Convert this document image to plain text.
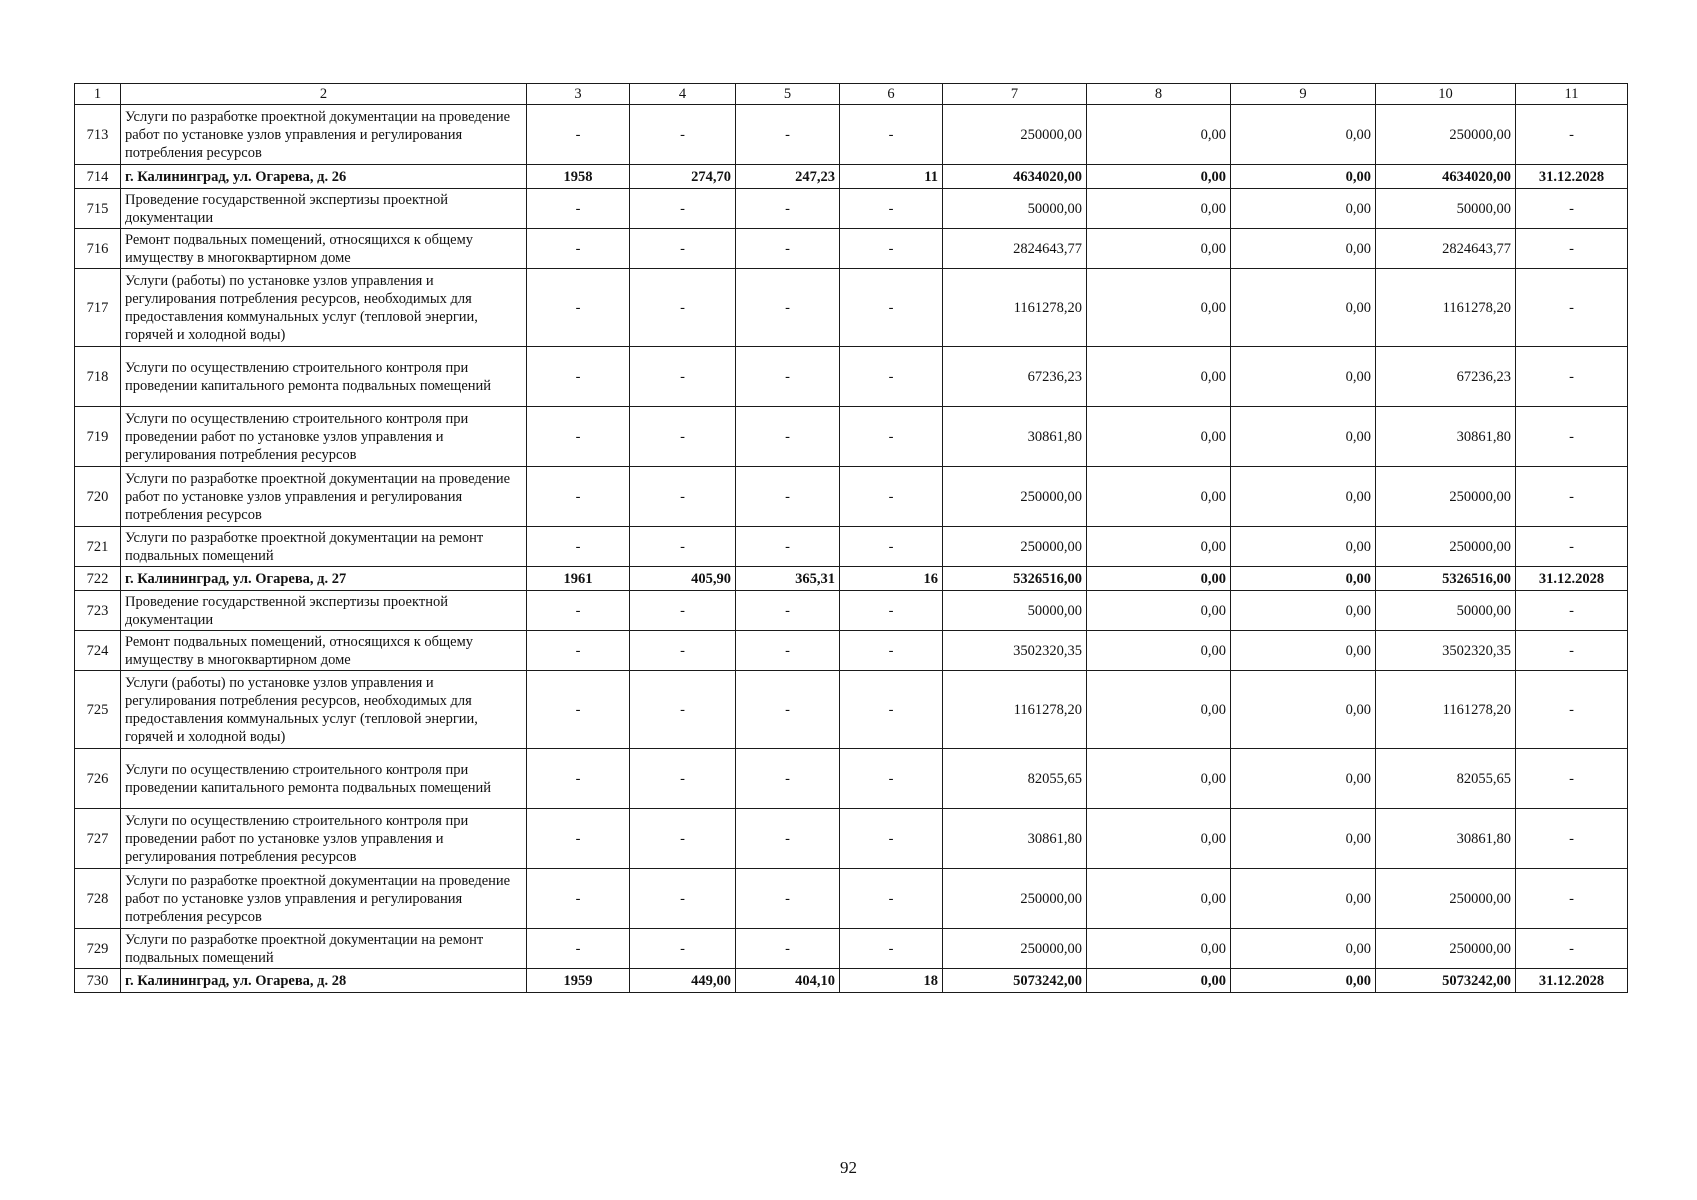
1	2	3	4	5	6	7	8	9	10	11
713	Услуги по разработке проектной документации на проведение работ по установке узлов управления и регулирования потребления ресурсов	-	-	-	-	250000,00	0,00	0,00	250000,00	-
714	г. Калининград, ул. Огарева, д. 26	1958	274,70	247,23	11	4634020,00	0,00	0,00	4634020,00	31.12.2028
715	Проведение государственной экспертизы проектной документации	-	-	-	-	50000,00	0,00	0,00	50000,00	-
716	Ремонт подвальных помещений, относящихся к общему имуществу в многоквартирном доме	-	-	-	-	2824643,77	0,00	0,00	2824643,77	-
717	Услуги (работы) по установке узлов управления и регулирования потребления ресурсов, необходимых для предоставления коммунальных услуг (тепловой энергии, горячей и холодной воды)	-	-	-	-	1161278,20	0,00	0,00	1161278,20	-
718	Услуги по осуществлению строительного контроля при проведении капитального ремонта подвальных помещений	-	-	-	-	67236,23	0,00	0,00	67236,23	-
719	Услуги по осуществлению строительного контроля при проведении работ по установке узлов управления и регулирования потребления ресурсов	-	-	-	-	30861,80	0,00	0,00	30861,80	-
720	Услуги по разработке проектной документации на проведение работ по установке узлов управления и регулирования потребления ресурсов	-	-	-	-	250000,00	0,00	0,00	250000,00	-
721	Услуги по разработке проектной документации на ремонт подвальных помещений	-	-	-	-	250000,00	0,00	0,00	250000,00	-
722	г. Калининград, ул. Огарева, д. 27	1961	405,90	365,31	16	5326516,00	0,00	0,00	5326516,00	31.12.2028
723	Проведение государственной экспертизы проектной документации	-	-	-	-	50000,00	0,00	0,00	50000,00	-
724	Ремонт подвальных помещений, относящихся к общему имуществу в многоквартирном доме	-	-	-	-	3502320,35	0,00	0,00	3502320,35	-
725	Услуги (работы) по установке узлов управления и регулирования потребления ресурсов, необходимых для предоставления коммунальных услуг (тепловой энергии, горячей и холодной воды)	-	-	-	-	1161278,20	0,00	0,00	1161278,20	-
726	Услуги по осуществлению строительного контроля при проведении капитального ремонта подвальных помещений	-	-	-	-	82055,65	0,00	0,00	82055,65	-
727	Услуги по осуществлению строительного контроля при проведении работ по установке узлов управления и регулирования потребления ресурсов	-	-	-	-	30861,80	0,00	0,00	30861,80	-
728	Услуги по разработке проектной документации на проведение работ по установке узлов управления и регулирования потребления ресурсов	-	-	-	-	250000,00	0,00	0,00	250000,00	-
729	Услуги по разработке проектной документации на ремонт подвальных помещений	-	-	-	-	250000,00	0,00	0,00	250000,00	-
730	г. Калининград, ул. Огарева, д. 28	1959	449,00	404,10	18	5073242,00	0,00	0,00	5073242,00	31.12.2028
92
